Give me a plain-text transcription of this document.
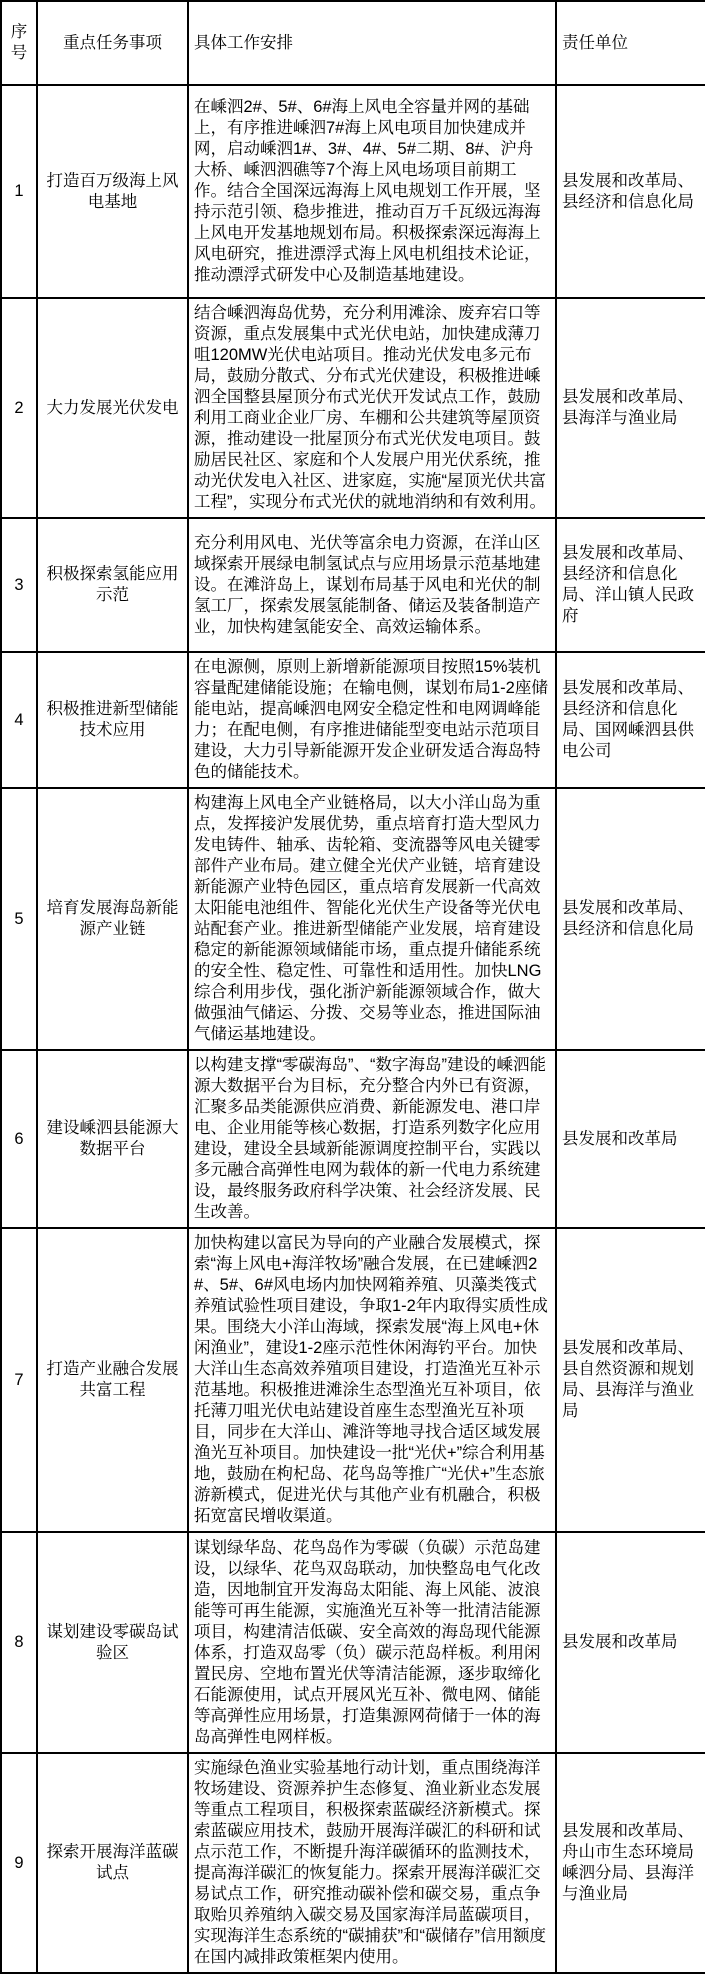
序号	重点任务事项	具体工作安排	责任单位
1	打造百万级海上风电基地	在嵊泗2#、5#、6#海上风电全容量并网的基础上，有序推进嵊泗7#海上风电项目加快建成并网，启动嵊泗1#、3#、4#、5#二期、8#、沪舟大桥、嵊泗泗礁等7个海上风电场项目前期工作。结合全国深远海海上风电规划工作开展，坚持示范引领、稳步推进，推动百万千瓦级远海海上风电开发基地规划布局。积极探索深远海海上风电研究，推进漂浮式海上风电机组技术论证，推动漂浮式研发中心及制造基地建设。	县发展和改革局、县经济和信息化局
2	大力发展光伏发电	结合嵊泗海岛优势，充分利用滩涂、废弃宕口等资源，重点发展集中式光伏电站，加快建成薄刀咀120MW光伏电站项目。推动光伏发电多元布局，鼓励分散式、分布式光伏建设，积极推进嵊泗全国整县屋顶分布式光伏开发试点工作，鼓励利用工商业企业厂房、车棚和公共建筑等屋顶资源，推动建设一批屋顶分布式光伏发电项目。鼓励居民社区、家庭和个人发展户用光伏系统，推动光伏发电入社区、进家庭，实施“屋顶光伏共富工程”，实现分布式光伏的就地消纳和有效利用。	县发展和改革局、县海洋与渔业局
3	积极探索氢能应用示范	充分利用风电、光伏等富余电力资源，在洋山区域探索开展绿电制氢试点与应用场景示范基地建设。在滩浒岛上，谋划布局基于风电和光伏的制氢工厂，探索发展氢能制备、储运及装备制造产业，加快构建氢能安全、高效运输体系。	县发展和改革局、县经济和信息化局、洋山镇人民政府
4	积极推进新型储能技术应用	在电源侧，原则上新增新能源项目按照15%装机容量配建储能设施；在输电侧，谋划布局1-2座储能电站，提高嵊泗电网安全稳定性和电网调峰能力；在配电侧，有序推进储能型变电站示范项目建设，大力引导新能源开发企业研发适合海岛特色的储能技术。	县发展和改革局、县经济和信息化局、国网嵊泗县供电公司
5	培育发展海岛新能源产业链	构建海上风电全产业链格局，以大小洋山岛为重点，发挥接沪发展优势，重点培育打造大型风力发电铸件、轴承、齿轮箱、变流器等风电关键零部件产业布局。建立健全光伏产业链，培育建设新能源产业特色园区，重点培育发展新一代高效太阳能电池组件、智能化光伏生产设备等光伏电站配套产业。推进新型储能产业发展，培育建设稳定的新能源领域储能市场，重点提升储能系统的安全性、稳定性、可靠性和适用性。加快LNG综合利用步伐，强化浙沪新能源领域合作，做大做强油气储运、分拨、交易等业态，推进国际油气储运基地建设。	县发展和改革局、县经济和信息化局
6	建设嵊泗县能源大数据平台	以构建支撑“零碳海岛”、“数字海岛”建设的嵊泗能源大数据平台为目标，充分整合内外已有资源，汇聚多品类能源供应消费、新能源发电、港口岸电、企业用能等核心数据，打造系列数字化应用建设，建设全县域新能源调度控制平台，实践以多元融合高弹性电网为载体的新一代电力系统建设，最终服务政府科学决策、社会经济发展、民生改善。	县发展和改革局
7	打造产业融合发展共富工程	加快构建以富民为导向的产业融合发展模式，探索“海上风电+海洋牧场”融合发展，在已建嵊泗2#、5#、6#风电场内加快网箱养殖、贝藻类筏式养殖试验性项目建设，争取1-2年内取得实质性成果。围绕大小洋山海域，探索发展“海上风电+休闲渔业”，建设1-2座示范性休闲海钓平台。加快大洋山生态高效养殖项目建设，打造渔光互补示范基地。积极推进滩涂生态型渔光互补项目，依托薄刀咀光伏电站建设首座生态型渔光互补项目，同步在大洋山、滩浒等地寻找合适区域发展渔光互补项目。加快建设一批“光伏+”综合利用基地，鼓励在枸杞岛、花鸟岛等推广“光伏+”生态旅游新模式，促进光伏与其他产业有机融合，积极拓宽富民增收渠道。	县发展和改革局、县自然资源和规划局、县海洋与渔业局
8	谋划建设零碳岛试验区	谋划绿华岛、花鸟岛作为零碳（负碳）示范岛建设，以绿华、花鸟双岛联动，加快整岛电气化改造，因地制宜开发海岛太阳能、海上风能、波浪能等可再生能源，实施渔光互补等一批清洁能源项目，构建清洁低碳、安全高效的海岛现代能源体系，打造双岛零（负）碳示范岛样板。利用闲置民房、空地布置光伏等清洁能源，逐步取缔化石能源使用，试点开展风光互补、微电网、储能等高弹性应用场景，打造集源网荷储于一体的海岛高弹性电网样板。	县发展和改革局
9	探索开展海洋蓝碳试点	实施绿色渔业实验基地行动计划，重点围绕海洋牧场建设、资源养护生态修复、渔业新业态发展等重点工程项目，积极探索蓝碳经济新模式。探索蓝碳应用技术，鼓励开展海洋碳汇的科研和试点示范工作，不断提升海洋碳循环的监测技术，提高海洋碳汇的恢复能力。探索开展海洋碳汇交易试点工作，研究推动碳补偿和碳交易，重点争取贻贝养殖纳入碳交易及国家海洋局蓝碳项目，实现海洋生态系统的“碳捕获”和“碳储存”信用额度在国内减排政策框架内使用。	县发展和改革局、舟山市生态环境局嵊泗分局、县海洋与渔业局
